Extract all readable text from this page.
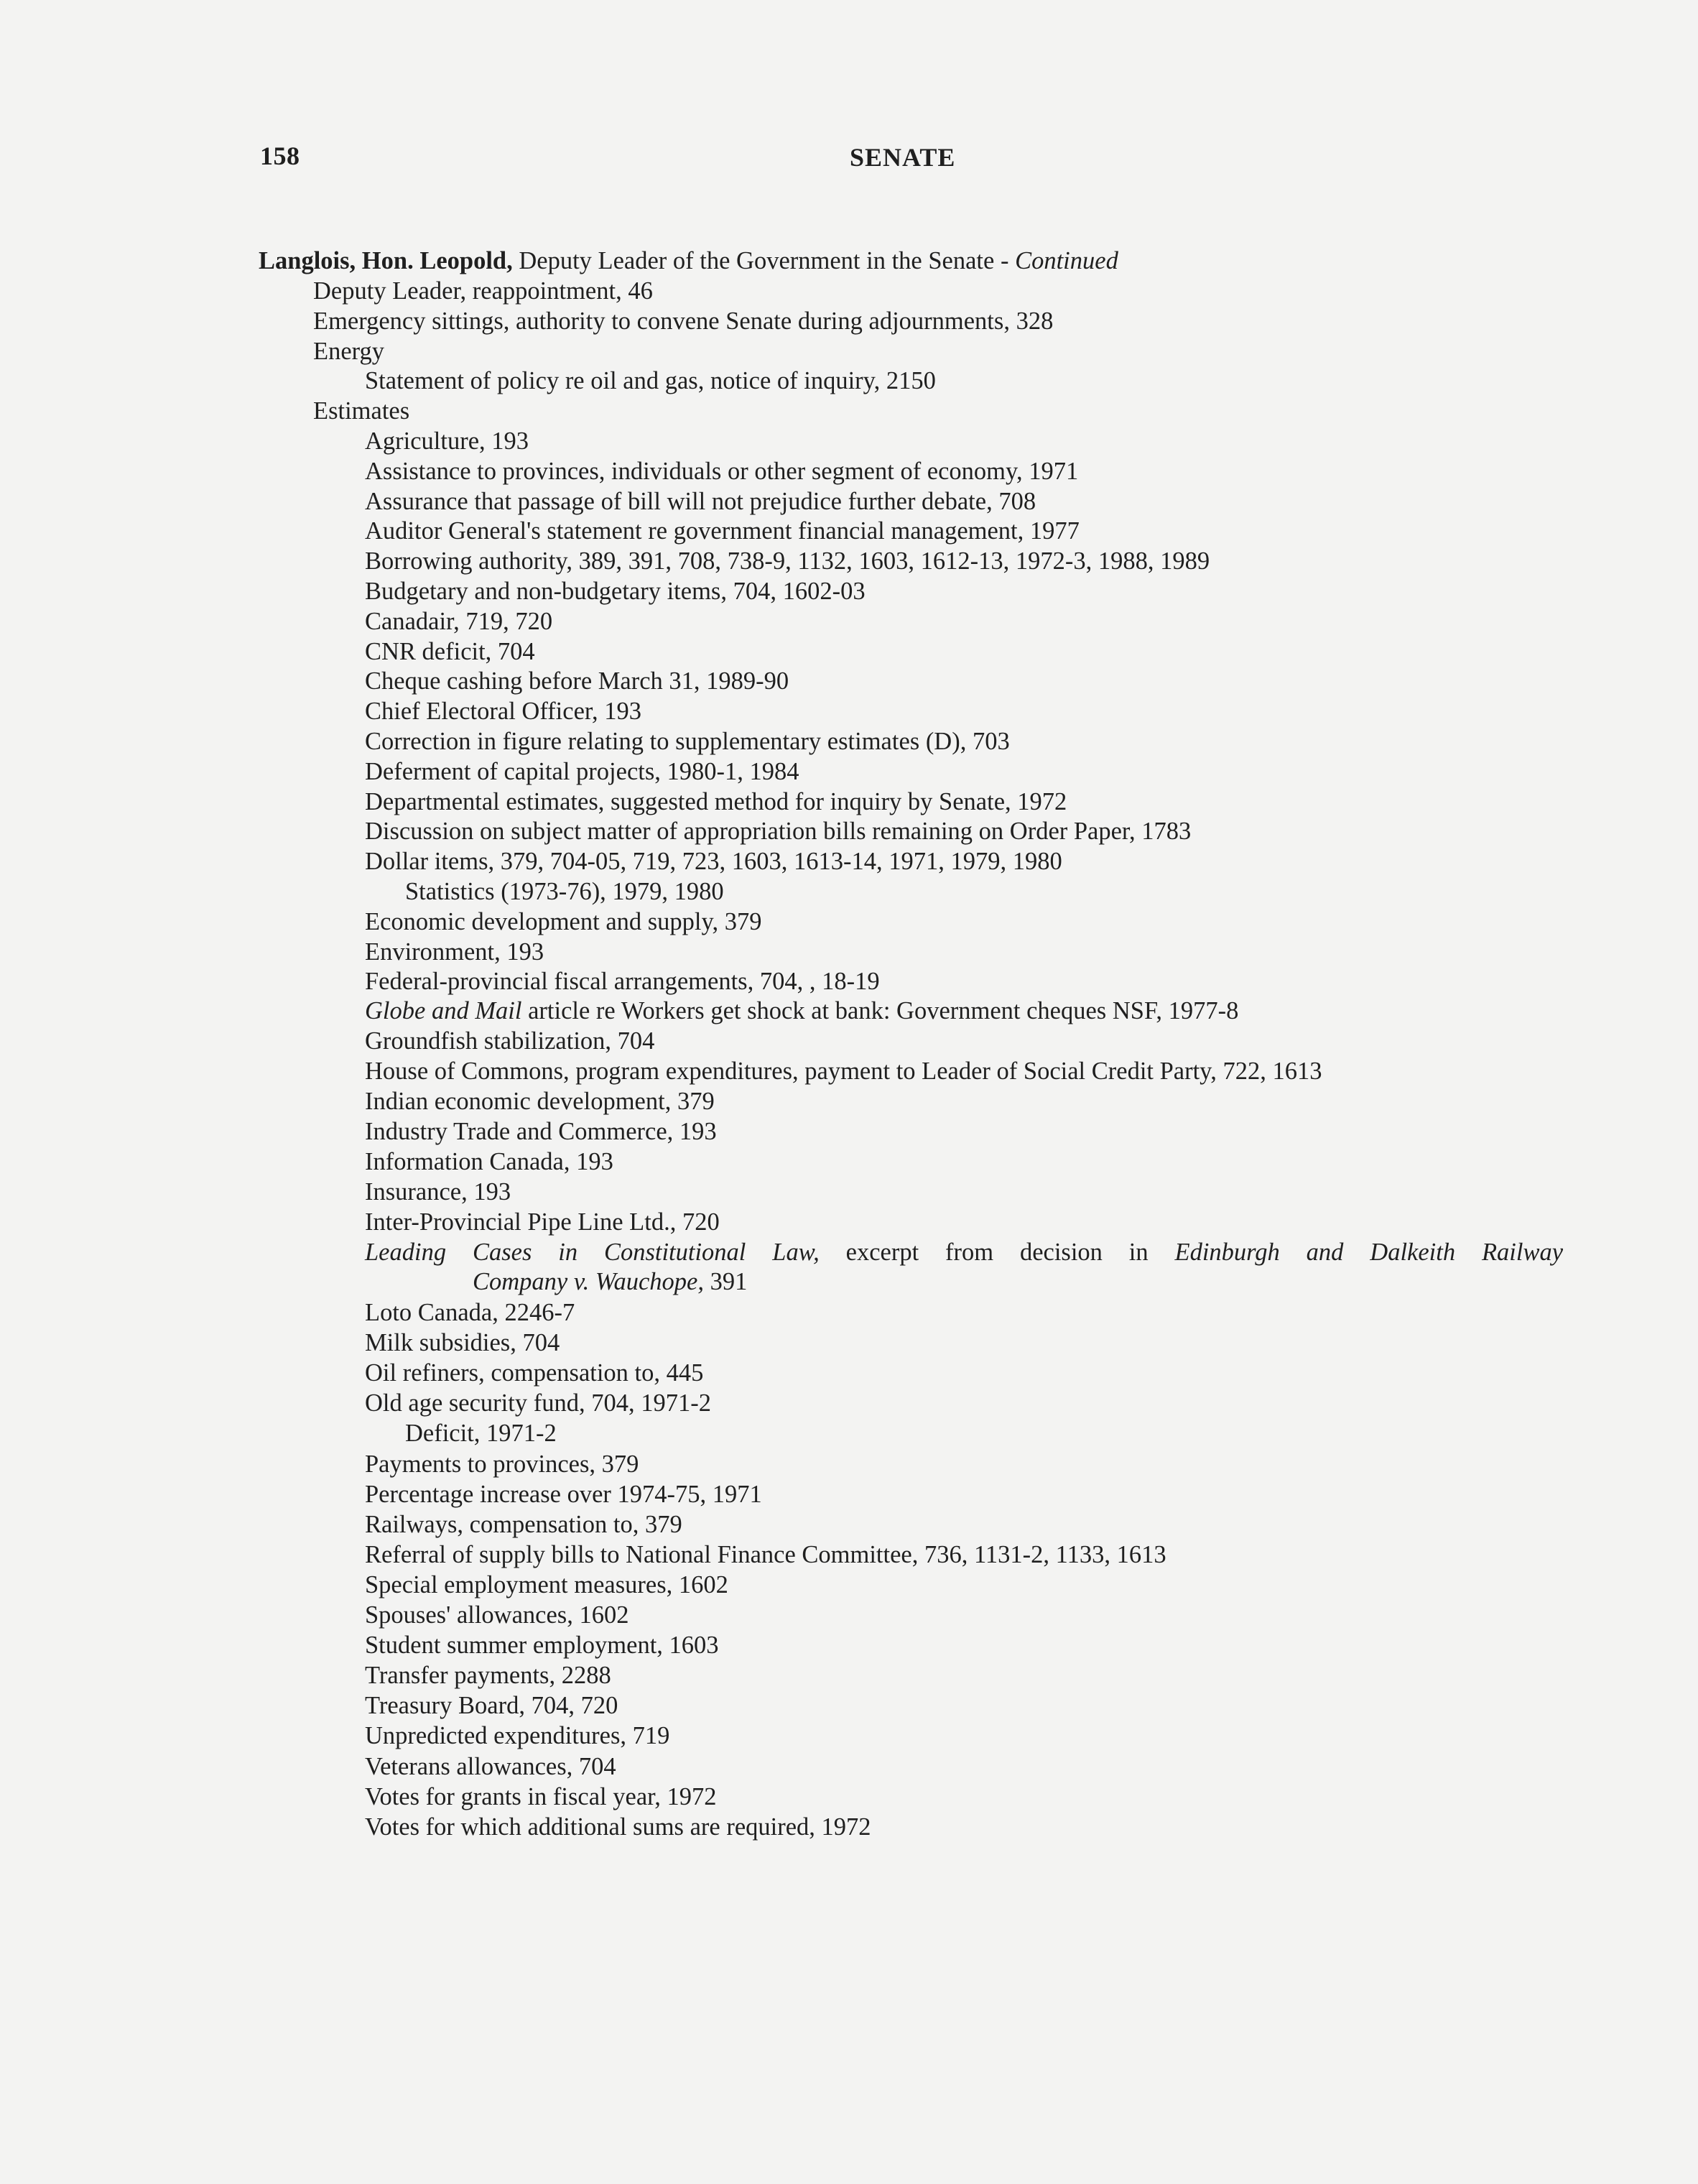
158	SENATE
Langlois, Hon. Leopold, Deputy Leader of the Government in the Senate - Continued
Deputy Leader, reappointment, 46
Emergency sittings, authority to convene Senate during adjournments, 328
Energy
Statement of policy re oil and gas, notice of inquiry, 2150
Estimates
Agriculture, 193
Assistance to provinces, individuals or other segment of economy, 1971
Assurance that passage of bill will not prejudice further debate, 708
Auditor General's statement re government financial management, 1977
Borrowing authority, 389, 391, 708, 738-9, 1132, 1603, 1612-13, 1972-3, 1988, 1989
Budgetary and non-budgetary items, 704, 1602-03
Canadair, 719, 720
CNR deficit, 704
Cheque cashing before March 31, 1989-90
Chief Electoral Officer, 193
Correction in figure relating to supplementary estimates (D), 703
Deferment of capital projects, 1980-1, 1984
Departmental estimates, suggested method for inquiry by Senate, 1972
Discussion on subject matter of appropriation bills remaining on Order Paper, 1783
Dollar items, 379, 704-05, 719, 723, 1603, 1613-14, 1971, 1979, 1980
Statistics (1973-76), 1979, 1980
Economic development and supply, 379
Environment, 193
Federal-provincial fiscal arrangements, 704, , 18-19
Globe and Mail article re Workers get shock at bank: Government cheques NSF, 1977-8
Groundfish stabilization, 704
House of Commons, program expenditures, payment to Leader of Social Credit Party, 722, 1613
Indian economic development, 379
Industry Trade and Commerce, 193
Information Canada, 193
Insurance, 193
Inter-Provincial Pipe Line Ltd., 720
Leading Cases in Constitutional Law, excerpt from decision in Edinburgh and Dalkeith Railway
Company v. Wauchope, 391
Loto Canada, 2246-7
Milk subsidies, 704
Oil refiners, compensation to, 445
Old age security fund, 704, 1971-2
Deficit, 1971-2
Payments to provinces, 379
Percentage increase over 1974-75, 1971
Railways, compensation to, 379
Referral of supply bills to National Finance Committee, 736, 1131-2, 1133, 1613
Special employment measures, 1602
Spouses' allowances, 1602
Student summer employment, 1603
Transfer payments, 2288
Treasury Board, 704, 720
Unpredicted expenditures, 719
Veterans allowances, 704
Votes for grants in fiscal year, 1972
Votes for which additional sums are required, 1972
